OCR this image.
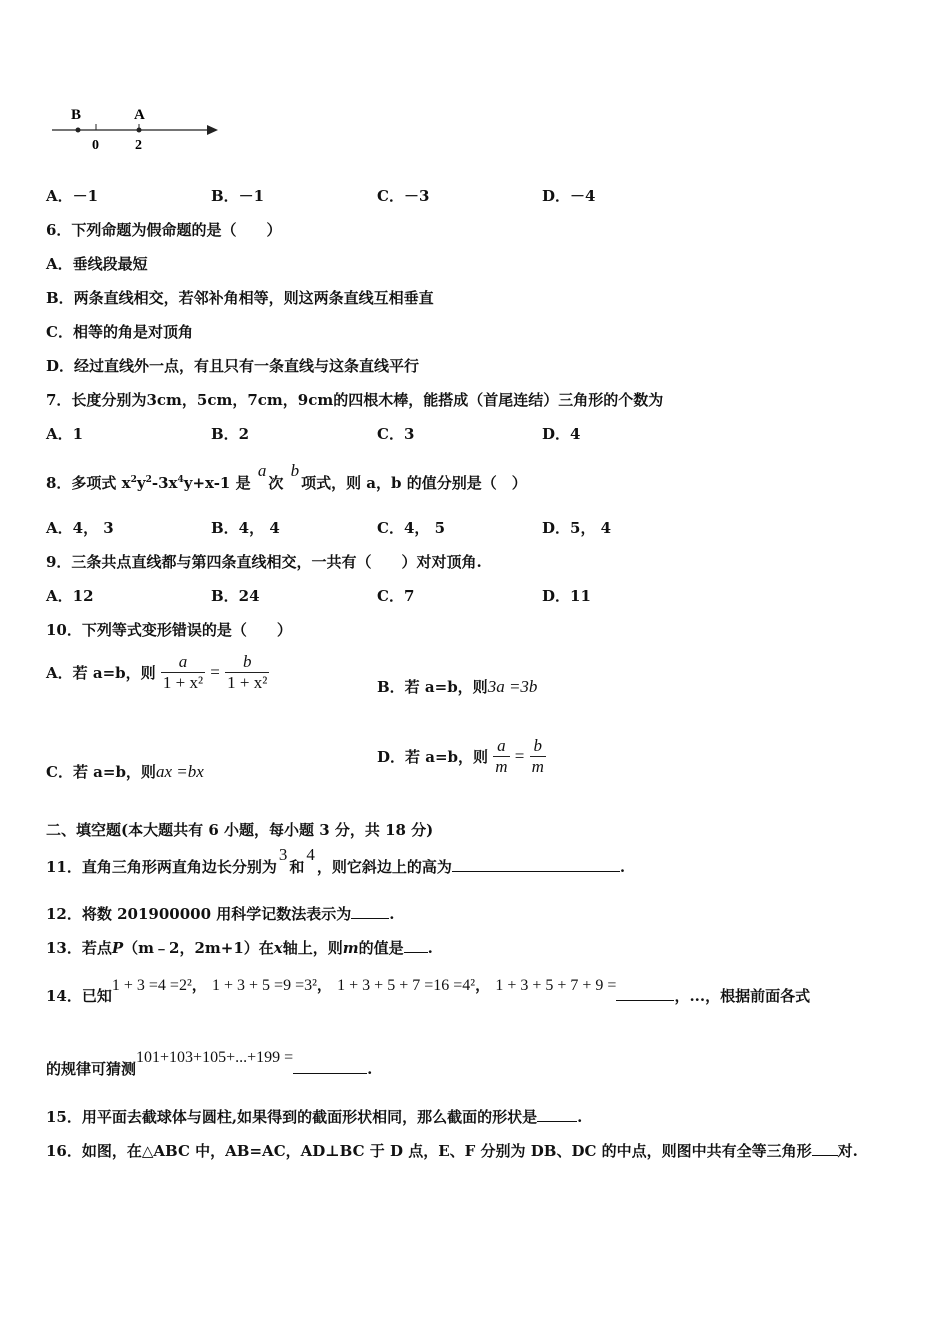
B	A
0	2
A．－1	B．－1	C．－3	D．－4
6．下列命题为假命题的是（　　）
A．垂线段最短
B．两条直线相交，若邻补角相等，则这两条直线互相垂直
C．相等的角是对顶角
D．经过直线外一点，有且只有一条直线与这条直线平行
7．长度分别为3cm，5cm，7cm，9cm的四根木棒，能搭成（首尾连结）三角形的个数为
A．1	B．2	C．3	D．4
8．多项式 $x^2y^2-3x^4y+x-1$ 是 a次 b项式，则 a，b 的值分别是（　）
A．4， 3	B．4， 4	C．4， 5	D．5， 4
9．三条共点直线都与第四条直线相交，一共有（　　）对对顶角.
A．12	B．24	C．7	D．11
10．下列等式变形错误的是（　　）
A．若 a=b，则 $\frac{a}{\text{1 + x²}} = \frac{b}{\text{1 + x²}}$	B．若 a=b，则3a =3b
C．若 a=b，则ax =bx
D．若 a=b，则 $\frac{a}{m} = \frac{b}{m}$
二、填空题(本大题共有 6 小题，每小题 3 分，共 18 分)
11．直角三角形两直角边长分别为3和4，则它斜边上的高为	.
12．将数 201900000 用科学记数法表示为	.
13．若点P（m﹣2，2m+1）在x轴上，则m的值是 .
14．已知1 + 3 =4 =2²， 1 + 3 + 5 =9 =3²， 1 + 3 + 5 + 7 =16 =4²， 1 + 3 + 5 + 7 + 9 =，...，根据前面各式
的规律可猜测101+103+105+...+199 =.
15．用平面去截球体与圆柱,如果得到的截面形状相同，那么截面的形状是	.
16．如图，在△ABC 中，AB=AC，AD⊥BC 于 D 点，E、F 分别为 DB、DC 的中点，则图中共有全等三角形 对.
